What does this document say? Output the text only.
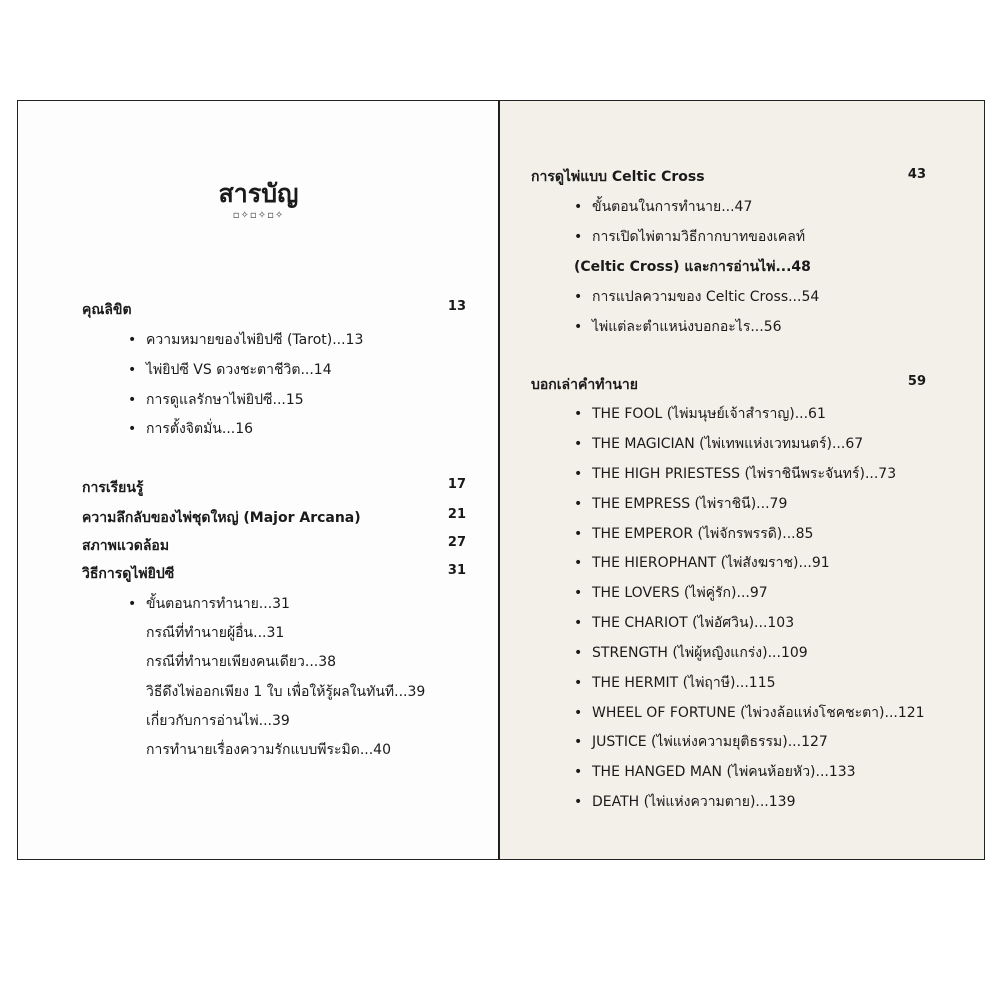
สารบัญ
▫✧▫✧▫✧
คุณลิขิต	13
• ความหมายของไพ่ยิปซี (Tarot)...13
• ไพ่ยิปซี VS ดวงชะตาชีวิต...14
• การดูแลรักษาไพ่ยิปซี...15
• การตั้งจิตมั่น...16
การเรียนรู้	17
ความลึกลับของไพ่ชุดใหญ่ (Major Arcana)	21
สภาพแวดล้อม	27
วิธีการดูไพ่ยิปซี	31
• ขั้นตอนการทำนาย...31
กรณีที่ทำนายผู้อื่น...31
กรณีที่ทำนายเพียงคนเดียว...38
วิธีดึงไพ่ออกเพียง 1 ใบ เพื่อให้รู้ผลในทันที...39
เกี่ยวกับการอ่านไพ่...39
การทำนายเรื่องความรักแบบพีระมิด...40
การดูไพ่แบบ Celtic Cross	43
• ขั้นตอนในการทำนาย...47
• การเปิดไพ่ตามวิธีกากบาทของเคลท์
(Celtic Cross) และการอ่านไพ่...48
• การแปลความของ Celtic Cross...54
• ไพ่แต่ละตำแหน่งบอกอะไร...56
บอกเล่าคำทำนาย	59
• THE FOOL (ไพ่มนุษย์เจ้าสำราญ)...61
• THE MAGICIAN (ไพ่เทพแห่งเวทมนตร์)...67
• THE HIGH PRIESTESS (ไพ่ราชินีพระจันทร์)...73
• THE EMPRESS (ไพ่ราชินี)...79
• THE EMPEROR (ไพ่จักรพรรดิ)...85
• THE HIEROPHANT (ไพ่สังฆราช)...91
• THE LOVERS (ไพ่คู่รัก)...97
• THE CHARIOT (ไพ่อัศวิน)...103
• STRENGTH (ไพ่ผู้หญิงแกร่ง)...109
• THE HERMIT (ไพ่ฤาษี)...115
• WHEEL OF FORTUNE (ไพ่วงล้อแห่งโชคชะตา)...121
• JUSTICE (ไพ่แห่งความยุติธรรม)...127
• THE HANGED MAN (ไพ่คนห้อยหัว)...133
• DEATH (ไพ่แห่งความตาย)...139
